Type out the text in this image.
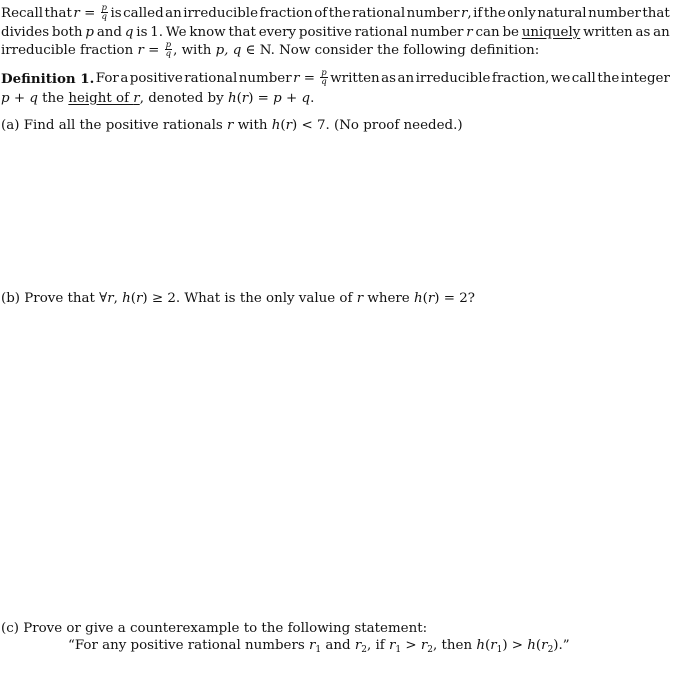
Recall that $r = \frac{p}{q}$ is called an irreducible fraction of the rational number r, if the only natural number that
divides both p and q is 1. We know that every positive rational number r can be uniquely written as an
irreducible fraction $r = \frac{p}{q}$ , with p, q ∈ N. Now consider the following definition:
Definition 1. For a positive rational number $r = \frac{p}{q}$ written as an irreducible fraction, we call the integer
p + q the height of r, denoted by h(r) = p + q.
(a) Find all the positive rationals r with h(r) < 7. (No proof needed.)
(b) Prove that ∀r, h(r) ≥ 2. What is the only value of r where h(r) = 2?
(c) Prove or give a counterexample to the following statement:
“For any positive rational numbers $r_1$ and $r_2$, if $r_1 > r_2$, then $h(r_1) > h(r_2)$.”
